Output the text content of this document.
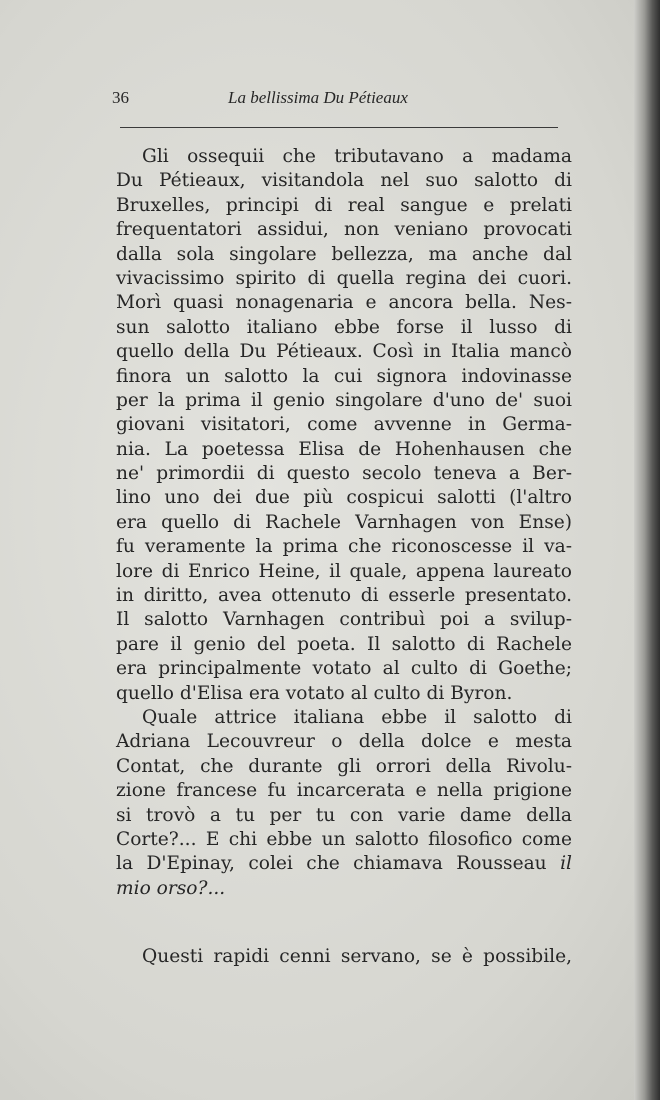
36	La bellissima Du Pétieaux
Gli ossequii che tributavano a madama
Du Pétieaux, visitandola nel suo salotto di
Bruxelles, principi di real sangue e prelati
frequentatori assidui, non veniano provocati
dalla sola singolare bellezza, ma anche dal
vivacissimo spirito di quella regina dei cuori.
Morì quasi nonagenaria e ancora bella. Nes-
sun salotto italiano ebbe forse il lusso di
quello della Du Pétieaux. Così in Italia mancò
finora un salotto la cui signora indovinasse
per la prima il genio singolare d'uno de' suoi
giovani visitatori, come avvenne in Germa-
nia. La poetessa Elisa de Hohenhausen che
ne' primordii di questo secolo teneva a Ber-
lino uno dei due più cospicui salotti (l'altro
era quello di Rachele Varnhagen von Ense)
fu veramente la prima che riconoscesse il va-
lore di Enrico Heine, il quale, appena laureato
in diritto, avea ottenuto di esserle presentato.
Il salotto Varnhagen contribuì poi a svilup-
pare il genio del poeta. Il salotto di Rachele
era principalmente votato al culto di Goethe;
quello d'Elisa era votato al culto di Byron.
Quale attrice italiana ebbe il salotto di
Adriana Lecouvreur o della dolce e mesta
Contat, che durante gli orrori della Rivolu-
zione francese fu incarcerata e nella prigione
si trovò a tu per tu con varie dame della
Corte?... E chi ebbe un salotto filosofico come
la D'Epinay, colei che chiamava Rousseau il
mio orso?...
Questi rapidi cenni servano, se è possibile,
